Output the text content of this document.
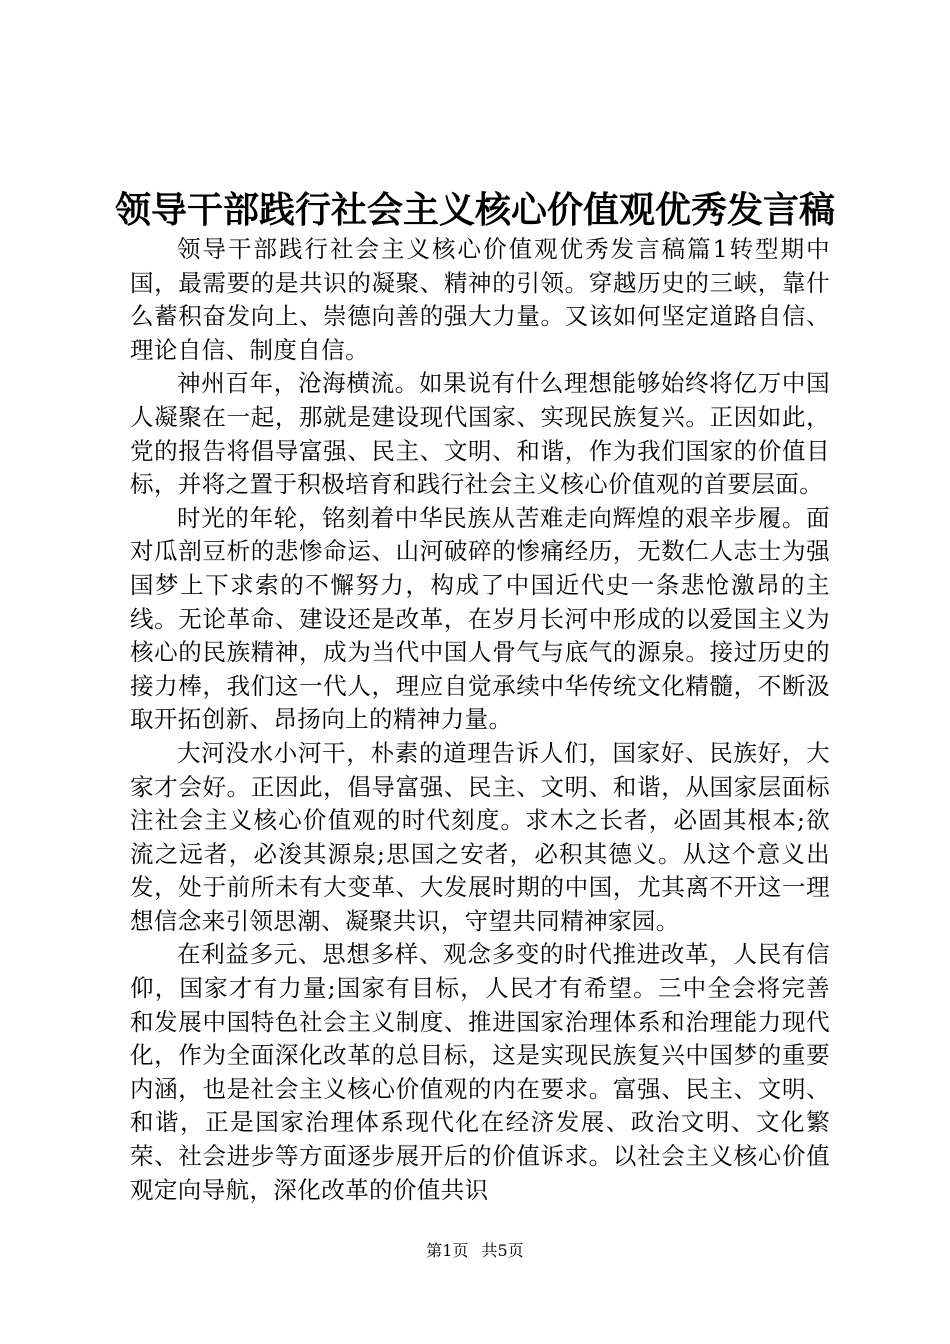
领导干部践行社会主义核心价值观优秀发言稿

领导干部践行社会主义核心价值观优秀发言稿篇1转型期中国，最需要的是共识的凝聚、精神的引领。穿越历史的三峡，靠什么蓄积奋发向上、崇德向善的强大力量。又该如何坚定道路自信、理论自信、制度自信。

神州百年，沧海横流。如果说有什么理想能够始终将亿万中国人凝聚在一起，那就是建设现代国家、实现民族复兴。正因如此，党的报告将倡导富强、民主、文明、和谐，作为我们国家的价值目标，并将之置于积极培育和践行社会主义核心价值观的首要层面。

时光的年轮，铭刻着中华民族从苦难走向辉煌的艰辛步履。面对瓜剖豆析的悲惨命运、山河破碎的惨痛经历，无数仁人志士为强国梦上下求索的不懈努力，构成了中国近代史一条悲怆激昂的主线。无论革命、建设还是改革，在岁月长河中形成的以爱国主义为核心的民族精神，成为当代中国人骨气与底气的源泉。接过历史的接力棒，我们这一代人，理应自觉承续中华传统文化精髓，不断汲取开拓创新、昂扬向上的精神力量。

大河没水小河干，朴素的道理告诉人们，国家好、民族好，大家才会好。正因此，倡导富强、民主、文明、和谐，从国家层面标注社会主义核心价值观的时代刻度。求木之长者，必固其根本;欲流之远者，必浚其源泉;思国之安者，必积其德义。从这个意义出发，处于前所未有大变革、大发展时期的中国，尤其离不开这一理想信念来引领思潮、凝聚共识，守望共同精神家园。

在利益多元、思想多样、观念多变的时代推进改革，人民有信仰，国家才有力量;国家有目标，人民才有希望。三中全会将完善和发展中国特色社会主义制度、推进国家治理体系和治理能力现代化，作为全面深化改革的总目标，这是实现民族复兴中国梦的重要内涵，也是社会主义核心价值观的内在要求。富强、民主、文明、和谐，正是国家治理体系现代化在经济发展、政治文明、文化繁荣、社会进步等方面逐步展开后的价值诉求。以社会主义核心价值观定向导航，深化改革的价值共识

第1页 共5页
